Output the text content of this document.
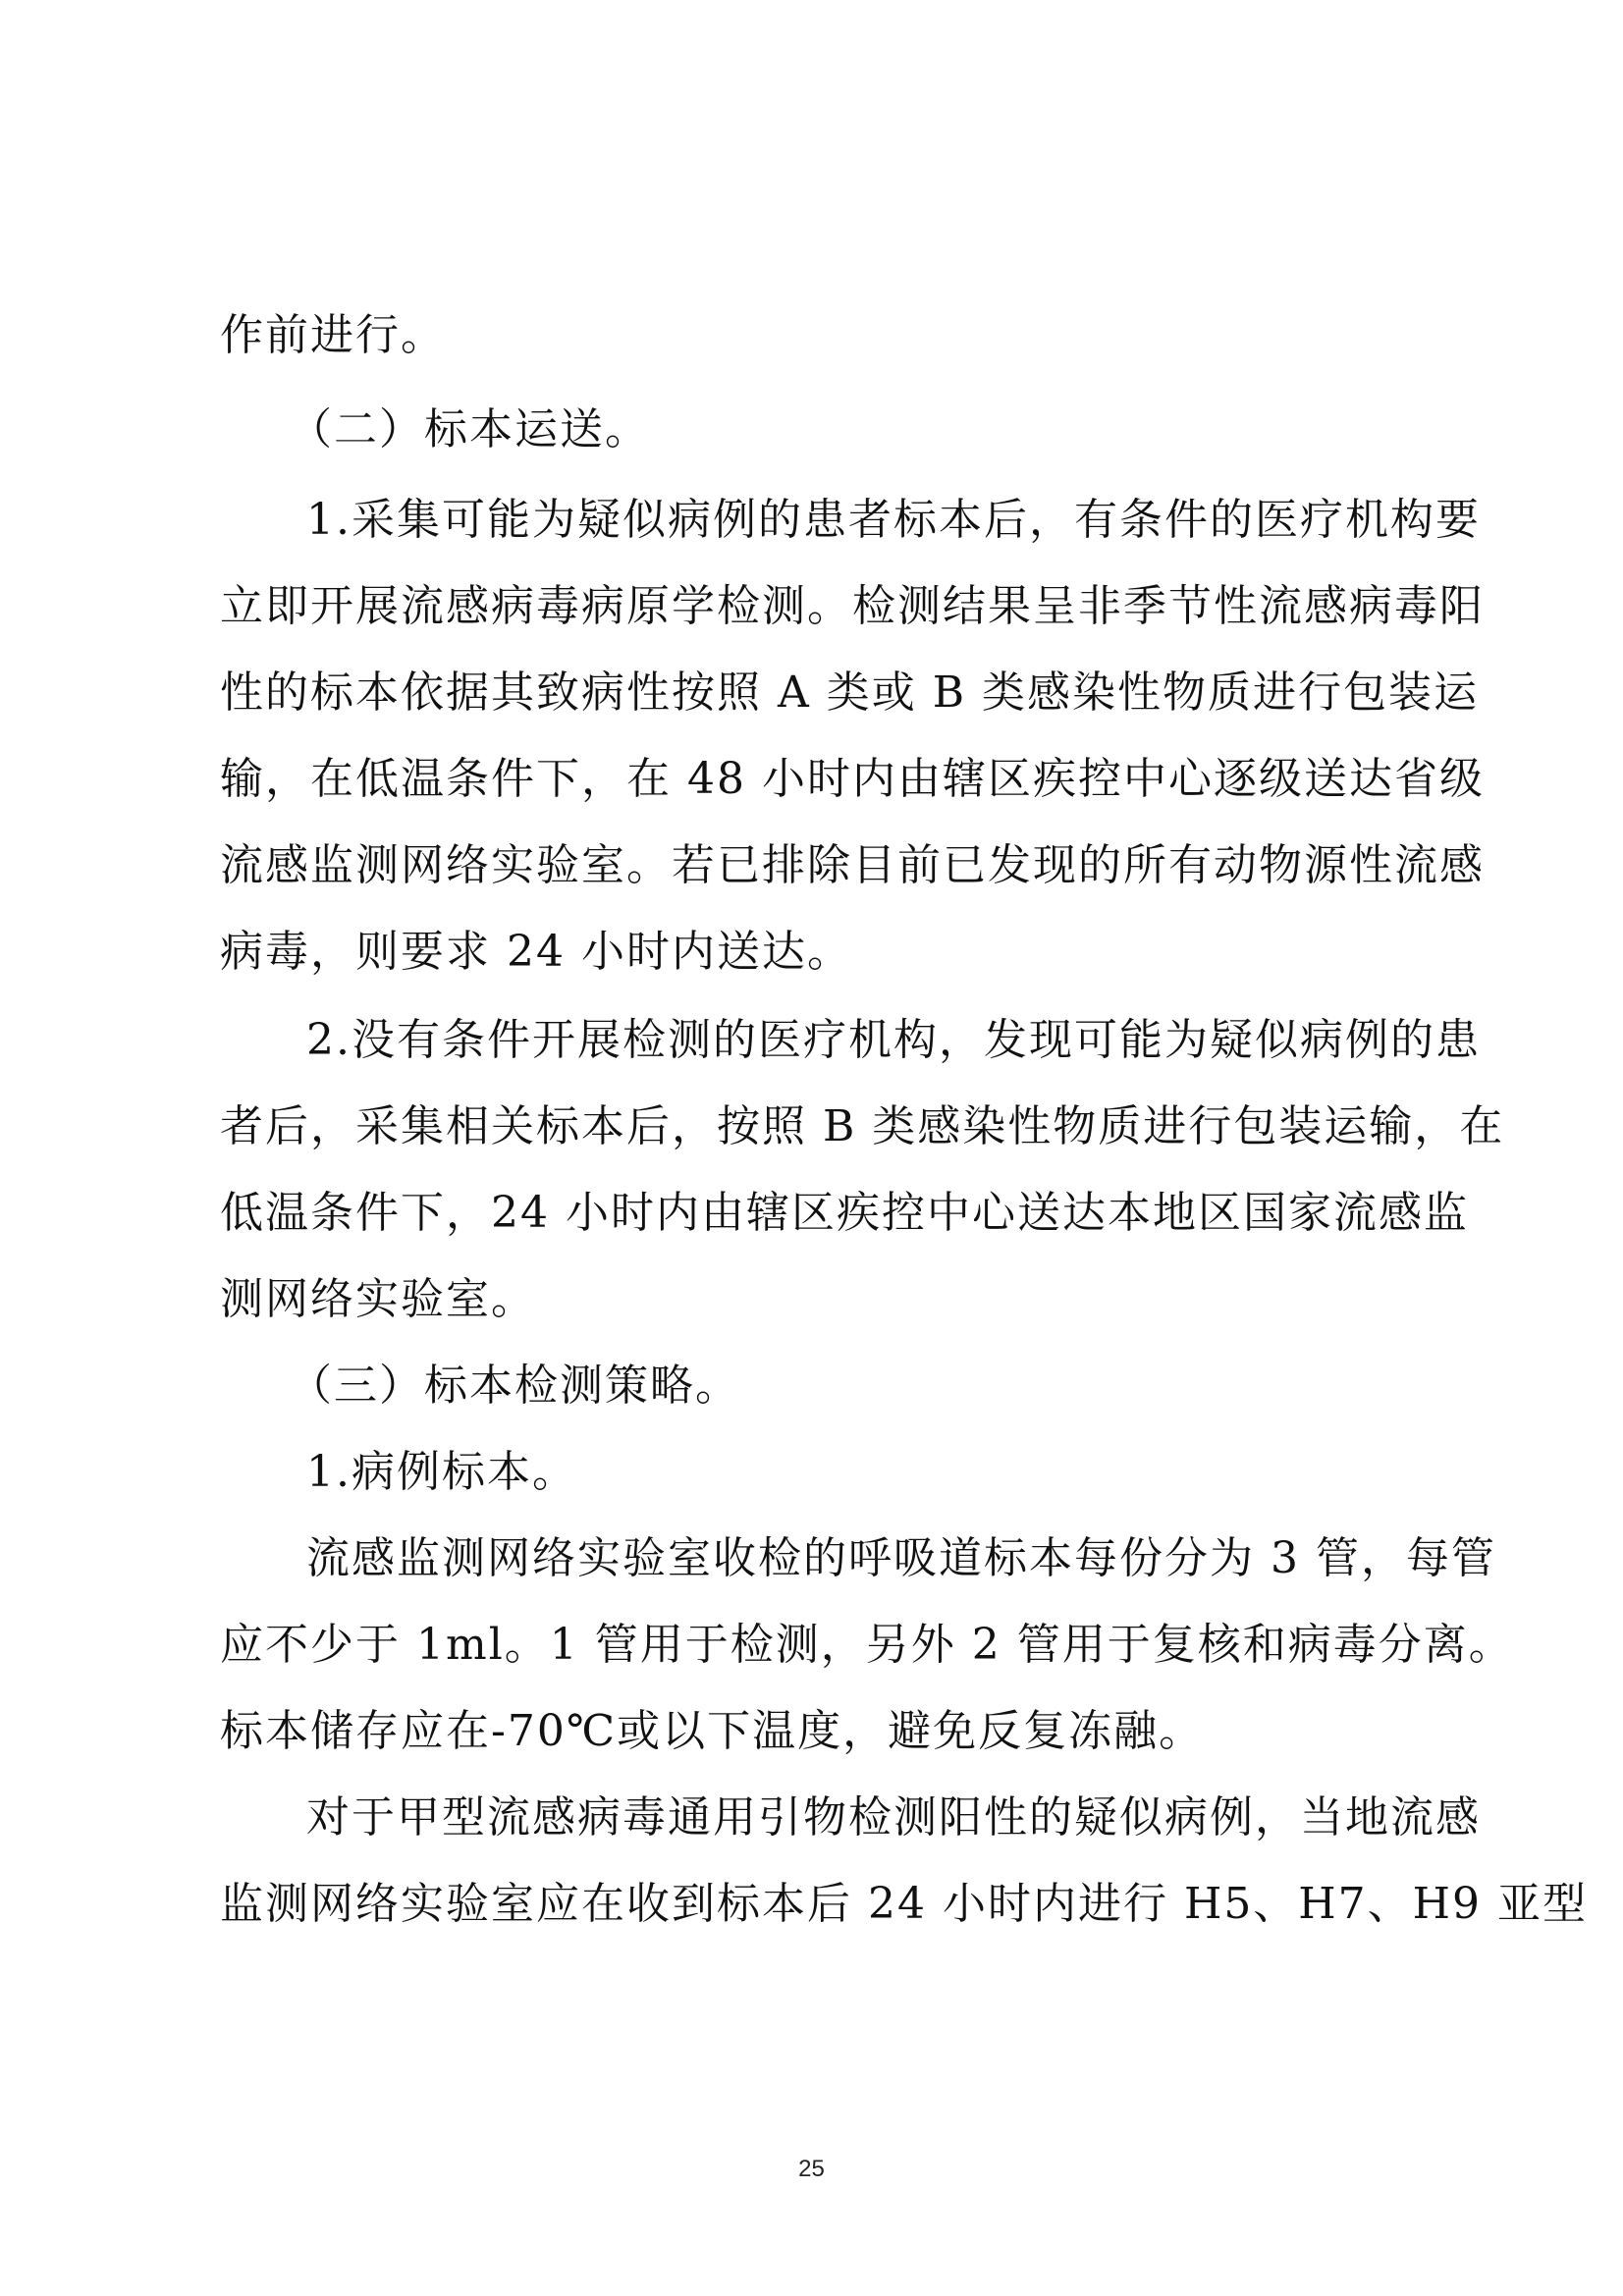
作前进行。
（二）标本运送。
1.采集可能为疑似病例的患者标本后，有条件的医疗机构要
立即开展流感病毒病原学检测。检测结果呈非季节性流感病毒阳
性的标本依据其致病性按照 A 类或 B 类感染性物质进行包装运
输，在低温条件下，在 48 小时内由辖区疾控中心逐级送达省级
流感监测网络实验室。若已排除目前已发现的所有动物源性流感
病毒，则要求 24 小时内送达。
2.没有条件开展检测的医疗机构，发现可能为疑似病例的患
者后，采集相关标本后，按照 B 类感染性物质进行包装运输，在
低温条件下，24 小时内由辖区疾控中心送达本地区国家流感监
测网络实验室。
（三）标本检测策略。
1.病例标本。
流感监测网络实验室收检的呼吸道标本每份分为 3 管，每管
应不少于 1ml。1 管用于检测，另外 2 管用于复核和病毒分离。
标本储存应在-70℃或以下温度，避免反复冻融。
对于甲型流感病毒通用引物检测阳性的疑似病例，当地流感
监测网络实验室应在收到标本后 24 小时内进行 H5、H7、H9 亚型
25
